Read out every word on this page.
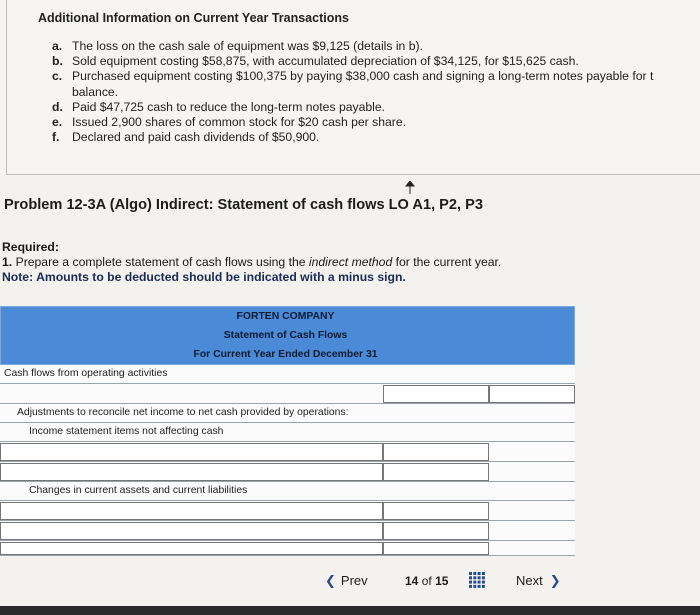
Additional Information on Current Year Transactions
a. The loss on the cash sale of equipment was $9,125 (details in b).
b. Sold equipment costing $58,875, with accumulated depreciation of $34,125, for $15,625 cash.
c. Purchased equipment costing $100,375 by paying $38,000 cash and signing a long-term notes payable for t
balance.
d. Paid $47,725 cash to reduce the long-term notes payable.
e. Issued 2,900 shares of common stock for $20 cash per share.
f.	Declared and paid cash dividends of $50,900.
Problem 12-3A (Algo) Indirect: Statement of cash flows LO A1, P2, P3
Required:
1. Prepare a complete statement of cash flows using the indirect method for the current year.
Note: Amounts to be deducted should be indicated with a minus sign.
FORTEN COMPANY
Statement of Cash Flows
For Current Year Ended December 31
Cash flows from operating activities
Adjustments to reconcile net income to net cash provided by operations:
Income statement items not affecting cash
Changes in current assets and current liabilities
❮ Prev	14 of 15	Next ❯
